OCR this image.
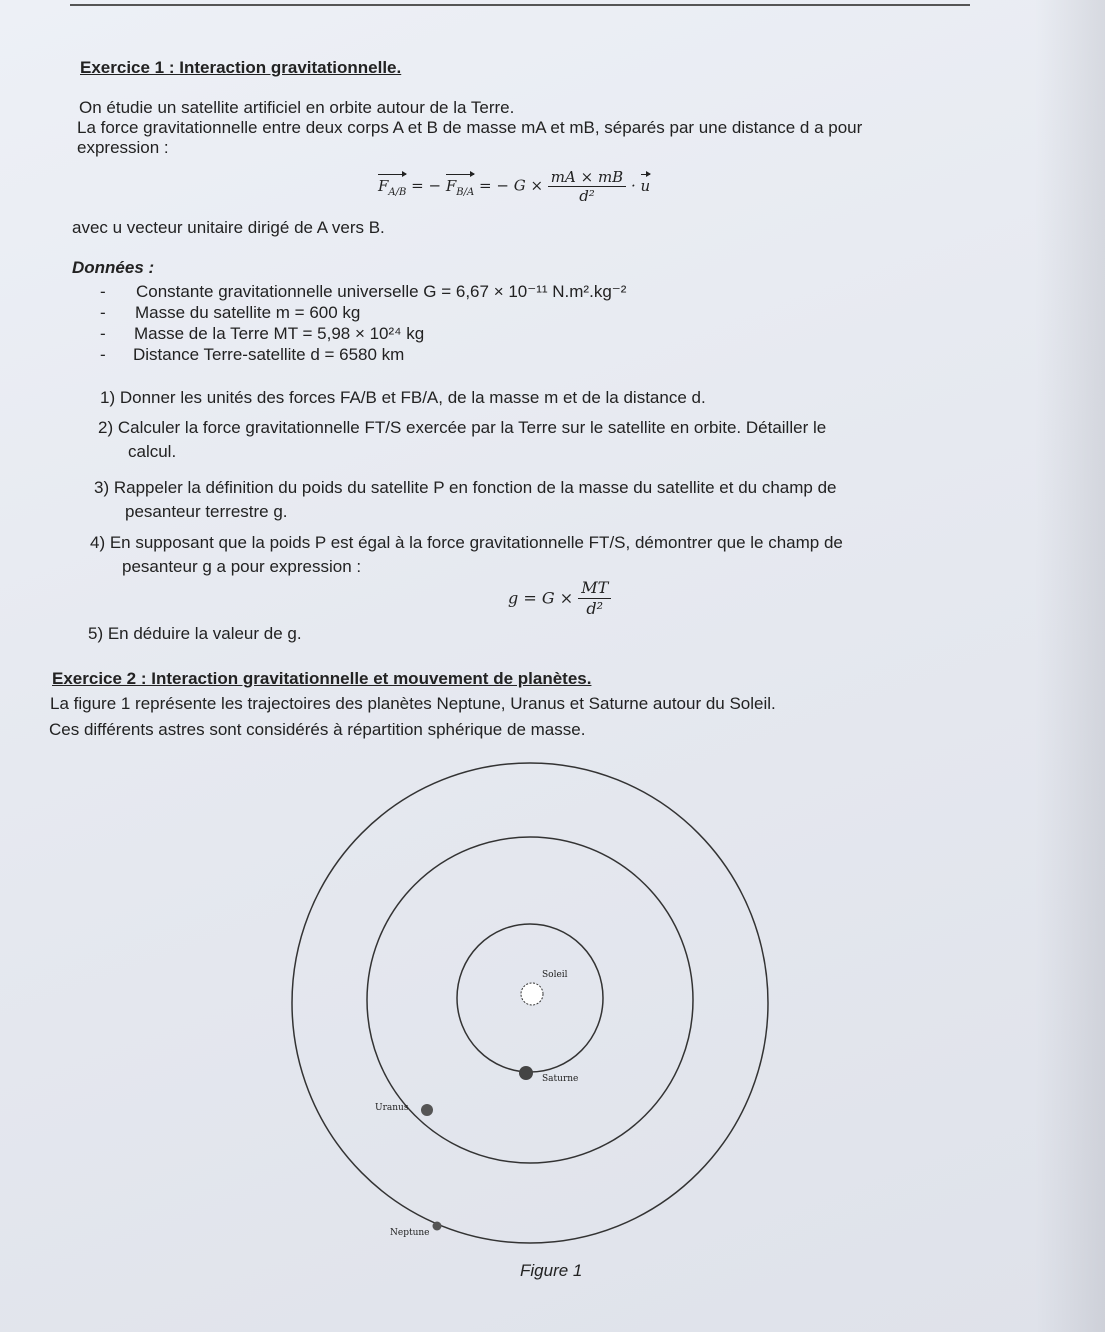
Exercice 1 : Interaction gravitationnelle.
On étudie un satellite artificiel en orbite autour de la Terre.
La force gravitationnelle entre deux corps A et B de masse mA et mB, séparés par une distance d a pour
expression :
$F_{A/B}$ = − $F_{B/A}$ = − $G \times \frac{mA \times mB}{\text{d²}} \cdot u$
avec u vecteur unitaire dirigé de A vers B.
Données :
- Constante gravitationnelle universelle G = 6,67 × 10⁻¹¹ N.m².kg⁻²
- Masse du satellite m = 600 kg
- Masse de la Terre MT = 5,98 × 10²⁴ kg
- Distance Terre-satellite d = 6580 km
1) Donner les unités des forces FA/B et FB/A, de la masse m et de la distance d.
2) Calculer la force gravitationnelle FT/S exercée par la Terre sur le satellite en orbite. Détailler le
calcul.
3) Rappeler la définition du poids du satellite P en fonction de la masse du satellite et du champ de
pesanteur terrestre g.
4) En supposant que la poids P est égal à la force gravitationnelle FT/S, démontrer que le champ de
pesanteur g a pour expression :
$g = G \times \frac{MT}{\text{d²}}$
5) En déduire la valeur de g.
Exercice 2 : Interaction gravitationnelle et mouvement de planètes.
La figure 1 représente les trajectoires des planètes Neptune, Uranus et Saturne autour du Soleil.
Ces différents astres sont considérés à répartition sphérique de masse.
Soleil
Saturne
Uranus
Neptune
Figure 1
